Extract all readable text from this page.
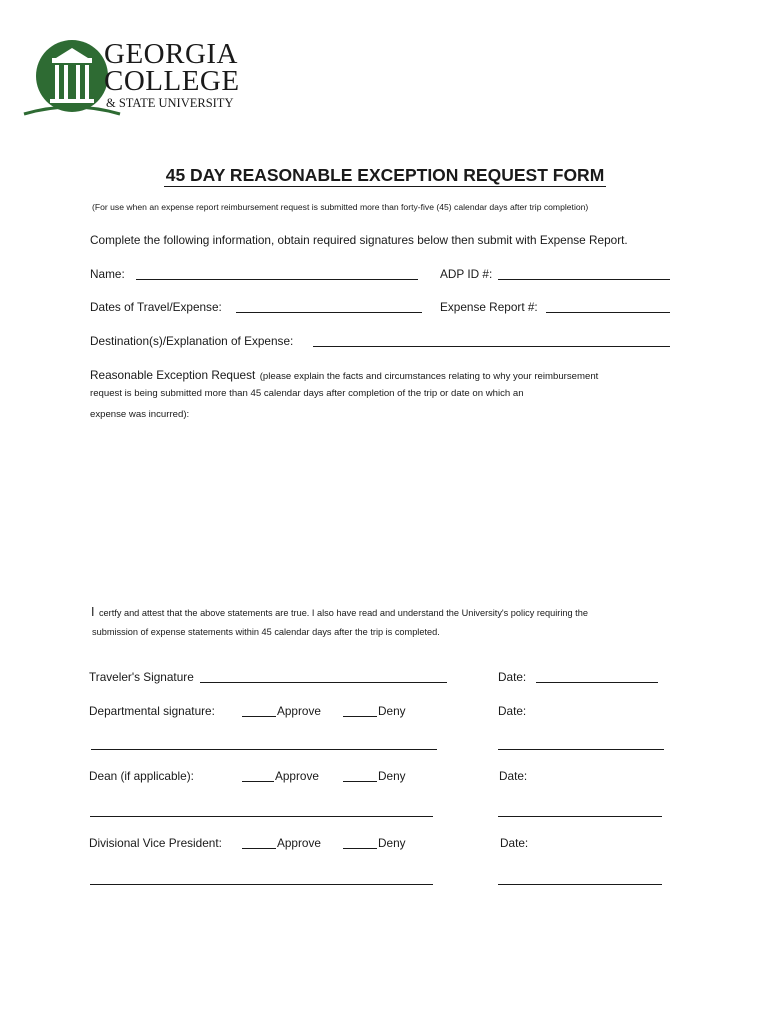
GEORGIA
COLLEGE
& STATE UNIVERSITY
45 DAY REASONABLE EXCEPTION REQUEST FORM
(For use when an expense report reimbursement request is submitted more than forty-five (45) calendar days after trip completion)
Complete the following information, obtain required signatures below then submit with Expense Report.
Name:	ADP ID #:
Dates of Travel/Expense:	Expense Report #:
Destination(s)/Explanation of Expense:
Reasonable Exception Request (please explain the facts and circumstances relating to why your reimbursement
request is being submitted more than 45 calendar days after completion of the trip or date on which an
expense was incurred):
I certfy and attest that the above statements are true. I also have read and understand the University's policy requiring the
submission of expense statements within 45 calendar days after the trip is completed.
Traveler's Signature	Date:
Departmental signature:	Approve	Deny	Date:
Dean (if applicable):	Approve	Deny	Date:
Divisional Vice President:	Approve	Deny	Date:
